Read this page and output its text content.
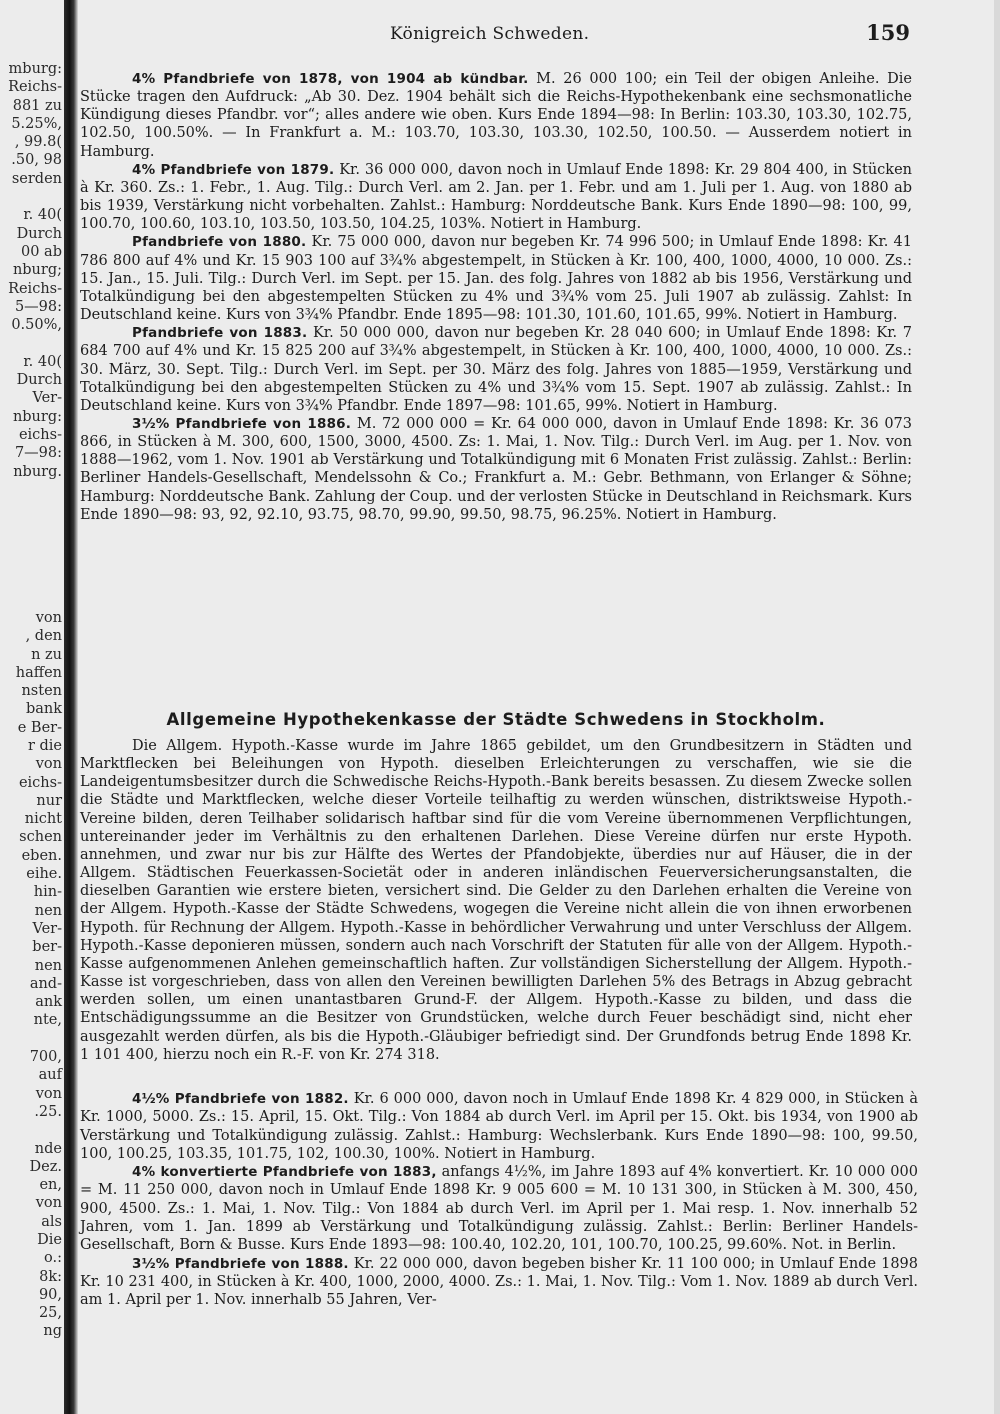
mburg:
Reichs-
881 zu
5.25%,
, 99.8(
.50, 98
serden

r. 40(
Durch
00 ab
nburg;
Reichs-
5—98:
0.50%,

r. 40(
Durch
Ver-
nburg:
eichs-
7—98:
nburg.

von
, den
n zu
haffen
nsten
bank
e Ber-
r die
von
eichs-
nur
nicht
schen
eben.
eihe.
hin-
nen
Ver-
ber-
nen
and-
ank
nte,

700,
auf
von
.25.

nde
Dez.
en,
von
als
Die
o.:
8k:
90,
25,
ng

Königreich Schweden.	159

4% Pfandbriefe von 1878, von 1904 ab kündbar. M. 26 000 100; ein Teil der obigen Anleihe. Die Stücke tragen den Aufdruck: „Ab 30. Dez. 1904 behält sich die Reichs-Hypothekenbank eine sechsmonatliche Kündigung dieses Pfandbr. vor“; alles andere wie oben. Kurs Ende 1894—98: In Berlin: 103.30, 103.30, 102.75, 102.50, 100.50%. — In Frankfurt a. M.: 103.70, 103.30, 103.30, 102.50, 100.50. — Ausserdem notiert in Hamburg.

4% Pfandbriefe von 1879. Kr. 36 000 000, davon noch in Umlauf Ende 1898: Kr. 29 804 400, in Stücken à Kr. 360. Zs.: 1. Febr., 1. Aug. Tilg.: Durch Verl. am 2. Jan. per 1. Febr. und am 1. Juli per 1. Aug. von 1880 ab bis 1939, Verstärkung nicht vorbehalten. Zahlst.: Hamburg: Norddeutsche Bank. Kurs Ende 1890—98: 100, 99, 100.70, 100.60, 103.10, 103.50, 103.50, 104.25, 103%. Notiert in Hamburg.

Pfandbriefe von 1880. Kr. 75 000 000, davon nur begeben Kr. 74 996 500; in Umlauf Ende 1898: Kr. 41 786 800 auf 4% und Kr. 15 903 100 auf 3¾% abgestempelt, in Stücken à Kr. 100, 400, 1000, 4000, 10 000. Zs.: 15. Jan., 15. Juli. Tilg.: Durch Verl. im Sept. per 15. Jan. des folg. Jahres von 1882 ab bis 1956, Verstärkung und Totalkündigung bei den abgestempelten Stücken zu 4% und 3¾% vom 25. Juli 1907 ab zulässig. Zahlst: In Deutschland keine. Kurs von 3¾% Pfandbr. Ende 1895—98: 101.30, 101.60, 101.65, 99%. Notiert in Hamburg.

Pfandbriefe von 1883. Kr. 50 000 000, davon nur begeben Kr. 28 040 600; in Umlauf Ende 1898: Kr. 7 684 700 auf 4% und Kr. 15 825 200 auf 3¾% abgestempelt, in Stücken à Kr. 100, 400, 1000, 4000, 10 000. Zs.: 30. März, 30. Sept. Tilg.: Durch Verl. im Sept. per 30. März des folg. Jahres von 1885—1959, Verstärkung und Totalkündigung bei den abgestempelten Stücken zu 4% und 3¾% vom 15. Sept. 1907 ab zulässig. Zahlst.: In Deutschland keine. Kurs von 3¾% Pfandbr. Ende 1897—98: 101.65, 99%. Notiert in Hamburg.

3½% Pfandbriefe von 1886. M. 72 000 000 = Kr. 64 000 000, davon in Umlauf Ende 1898: Kr. 36 073 866, in Stücken à M. 300, 600, 1500, 3000, 4500. Zs: 1. Mai, 1. Nov. Tilg.: Durch Verl. im Aug. per 1. Nov. von 1888—1962, vom 1. Nov. 1901 ab Verstärkung und Totalkündigung mit 6 Monaten Frist zulässig. Zahlst.: Berlin: Berliner Handels-Gesellschaft, Mendelssohn & Co.; Frankfurt a. M.: Gebr. Bethmann, von Erlanger & Söhne; Hamburg: Norddeutsche Bank. Zahlung der Coup. und der verlosten Stücke in Deutschland in Reichsmark. Kurs Ende 1890—98: 93, 92, 92.10, 93.75, 98.70, 99.90, 99.50, 98.75, 96.25%. Notiert in Hamburg.

Allgemeine Hypothekenkasse der Städte Schwedens in Stockholm.

Die Allgem. Hypoth.-Kasse wurde im Jahre 1865 gebildet, um den Grundbesitzern in Städten und Marktflecken bei Beleihungen von Hypoth. dieselben Erleichterungen zu verschaffen, wie sie die Landeigentumsbesitzer durch die Schwedische Reichs-Hypoth.-Bank bereits besassen. Zu diesem Zwecke sollen die Städte und Marktflecken, welche dieser Vorteile teilhaftig zu werden wünschen, distriktsweise Hypoth.-Vereine bilden, deren Teilhaber solidarisch haftbar sind für die vom Vereine übernommenen Verpflichtungen, untereinander jeder im Verhältnis zu den erhaltenen Darlehen. Diese Vereine dürfen nur erste Hypoth. annehmen, und zwar nur bis zur Hälfte des Wertes der Pfandobjekte, überdies nur auf Häuser, die in der Allgem. Städtischen Feuerkassen-Societät oder in anderen inländischen Feuerversicherungsanstalten, die dieselben Garantien wie erstere bieten, versichert sind. Die Gelder zu den Darlehen erhalten die Vereine von der Allgem. Hypoth.-Kasse der Städte Schwedens, wogegen die Vereine nicht allein die von ihnen erworbenen Hypoth. für Rechnung der Allgem. Hypoth.-Kasse in behördlicher Verwahrung und unter Verschluss der Allgem. Hypoth.-Kasse deponieren müssen, sondern auch nach Vorschrift der Statuten für alle von der Allgem. Hypoth.-Kasse aufgenommenen Anlehen gemeinschaftlich haften. Zur vollständigen Sicherstellung der Allgem. Hypoth.-Kasse ist vorgeschrieben, dass von allen den Vereinen bewilligten Darlehen 5% des Betrags in Abzug gebracht werden sollen, um einen unantastbaren Grund-F. der Allgem. Hypoth.-Kasse zu bilden, und dass die Entschädigungssumme an die Besitzer von Grundstücken, welche durch Feuer beschädigt sind, nicht eher ausgezahlt werden dürfen, als bis die Hypoth.-Gläubiger befriedigt sind. Der Grundfonds betrug Ende 1898 Kr. 1 101 400, hierzu noch ein R.-F. von Kr. 274 318.

4½% Pfandbriefe von 1882. Kr. 6 000 000, davon noch in Umlauf Ende 1898 Kr. 4 829 000, in Stücken à Kr. 1000, 5000. Zs.: 15. April, 15. Okt. Tilg.: Von 1884 ab durch Verl. im April per 15. Okt. bis 1934, von 1900 ab Verstärkung und Totalkündigung zulässig. Zahlst.: Hamburg: Wechslerbank. Kurs Ende 1890—98: 100, 99.50, 100, 100.25, 103.35, 101.75, 102, 100.30, 100%. Notiert in Hamburg.

4% konvertierte Pfandbriefe von 1883, anfangs 4½%, im Jahre 1893 auf 4% konvertiert. Kr. 10 000 000 = M. 11 250 000, davon noch in Umlauf Ende 1898 Kr. 9 005 600 = M. 10 131 300, in Stücken à M. 300, 450, 900, 4500. Zs.: 1. Mai, 1. Nov. Tilg.: Von 1884 ab durch Verl. im April per 1. Mai resp. 1. Nov. innerhalb 52 Jahren, vom 1. Jan. 1899 ab Verstärkung und Totalkündigung zulässig. Zahlst.: Berlin: Berliner Handels-Gesellschaft, Born & Busse. Kurs Ende 1893—98: 100.40, 102.20, 101, 100.70, 100.25, 99.60%. Not. in Berlin.

3½% Pfandbriefe von 1888. Kr. 22 000 000, davon begeben bisher Kr. 11 100 000; in Umlauf Ende 1898 Kr. 10 231 400, in Stücken à Kr. 400, 1000, 2000, 4000. Zs.: 1. Mai, 1. Nov. Tilg.: Vom 1. Nov. 1889 ab durch Verl. am 1. April per 1. Nov. innerhalb 55 Jahren, Ver-
